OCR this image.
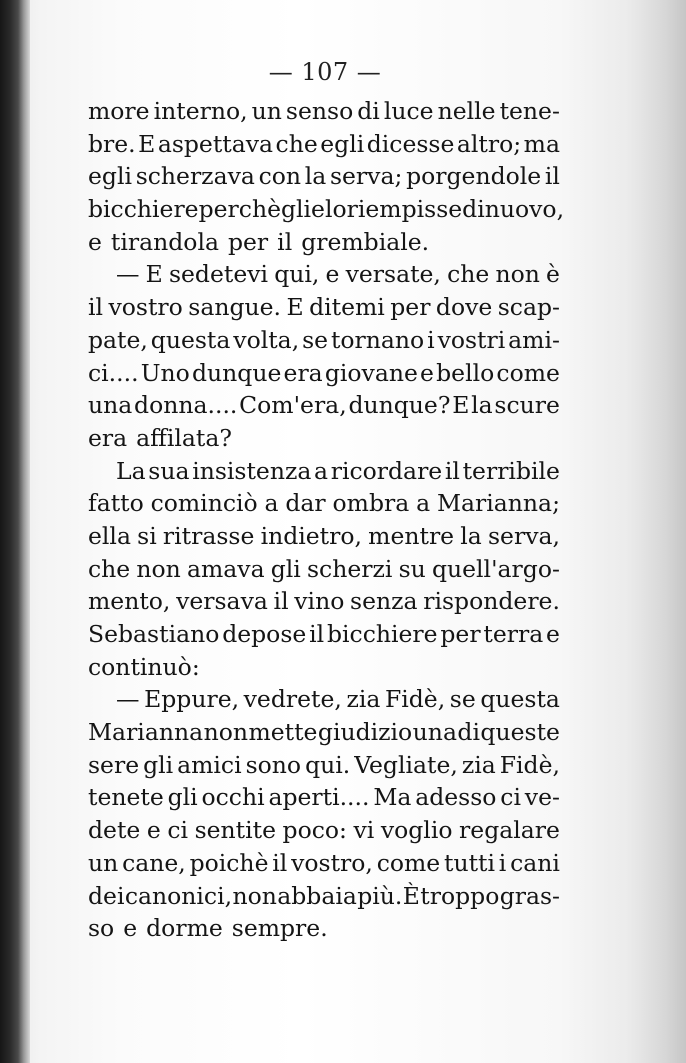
— 107 —
more interno, un senso di luce nelle tene-
bre. E aspettava che egli dicesse altro; ma
egli scherzava con la serva; porgendole il
bicchiere perchè glielo riempisse di nuovo,
e tirandola per il grembiale.
— E sedetevi qui, e versate, che non è
il vostro sangue. E ditemi per dove scap-
pate, questa volta, se tornano i vostri ami-
ci.... Uno dunque era giovane e bello come
una donna.... Com'era, dunque? E la scure
era affilata?
La sua insistenza a ricordare il terribile
fatto cominciò a dar ombra a Marianna;
ella si ritrasse indietro, mentre la serva,
che non amava gli scherzi su quell'argo-
mento, versava il vino senza rispondere.
Sebastiano depose il bicchiere per terra e
continuò:
— Eppure, vedrete, zia Fidè, se questa
Marianna non mette giudizio una di queste
sere gli amici sono qui. Vegliate, zia Fidè,
tenete gli occhi aperti.... Ma adesso ci ve-
dete e ci sentite poco: vi voglio regalare
un cane, poichè il vostro, come tutti i cani
dei canonici, non abbaia più. È troppo gras-
so e dorme sempre.
